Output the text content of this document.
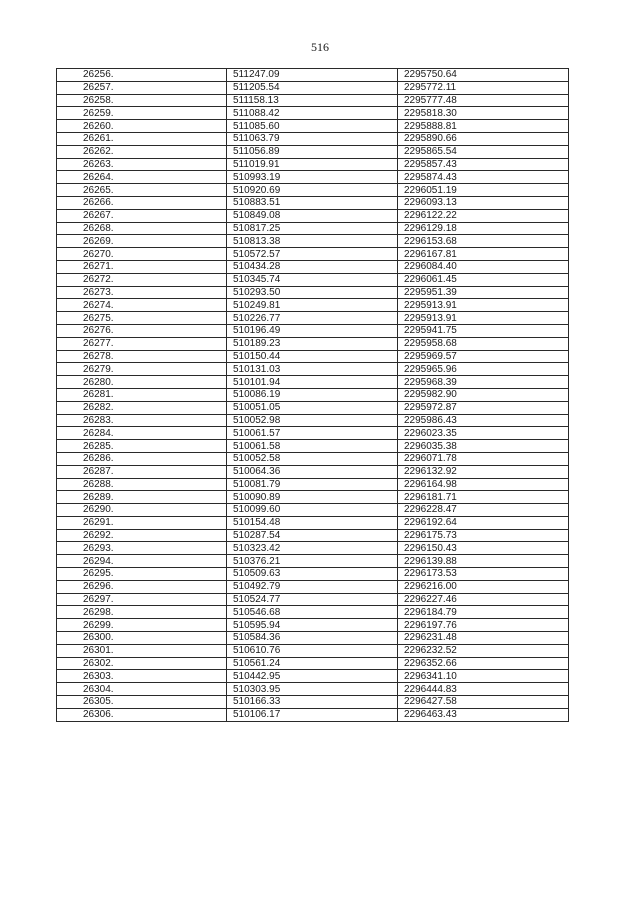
516
26256.	511247.09	2295750.64
26257.	511205.54	2295772.11
26258.	511158.13	2295777.48
26259.	511088.42	2295818.30
26260.	511085.60	2295888.81
26261.	511063.79	2295890.66
26262.	511056.89	2295865.54
26263.	511019.91	2295857.43
26264.	510993.19	2295874.43
26265.	510920.69	2296051.19
26266.	510883.51	2296093.13
26267.	510849.08	2296122.22
26268.	510817.25	2296129.18
26269.	510813.38	2296153.68
26270.	510572.57	2296167.81
26271.	510434.28	2296084.40
26272.	510345.74	2296061.45
26273.	510293.50	2295951.39
26274.	510249.81	2295913.91
26275.	510226.77	2295913.91
26276.	510196.49	2295941.75
26277.	510189.23	2295958.68
26278.	510150.44	2295969.57
26279.	510131.03	2295965.96
26280.	510101.94	2295968.39
26281.	510086.19	2295982.90
26282.	510051.05	2295972.87
26283.	510052.98	2295986.43
26284.	510061.57	2296023.35
26285.	510061.58	2296035.38
26286.	510052.58	2296071.78
26287.	510064.36	2296132.92
26288.	510081.79	2296164.98
26289.	510090.89	2296181.71
26290.	510099.60	2296228.47
26291.	510154.48	2296192.64
26292.	510287.54	2296175.73
26293.	510323.42	2296150.43
26294.	510376.21	2296139.88
26295.	510509.63	2296173.53
26296.	510492.79	2296216.00
26297.	510524.77	2296227.46
26298.	510546.68	2296184.79
26299.	510595.94	2296197.76
26300.	510584.36	2296231.48
26301.	510610.76	2296232.52
26302.	510561.24	2296352.66
26303.	510442.95	2296341.10
26304.	510303.95	2296444.83
26305.	510166.33	2296427.58
26306.	510106.17	2296463.43
